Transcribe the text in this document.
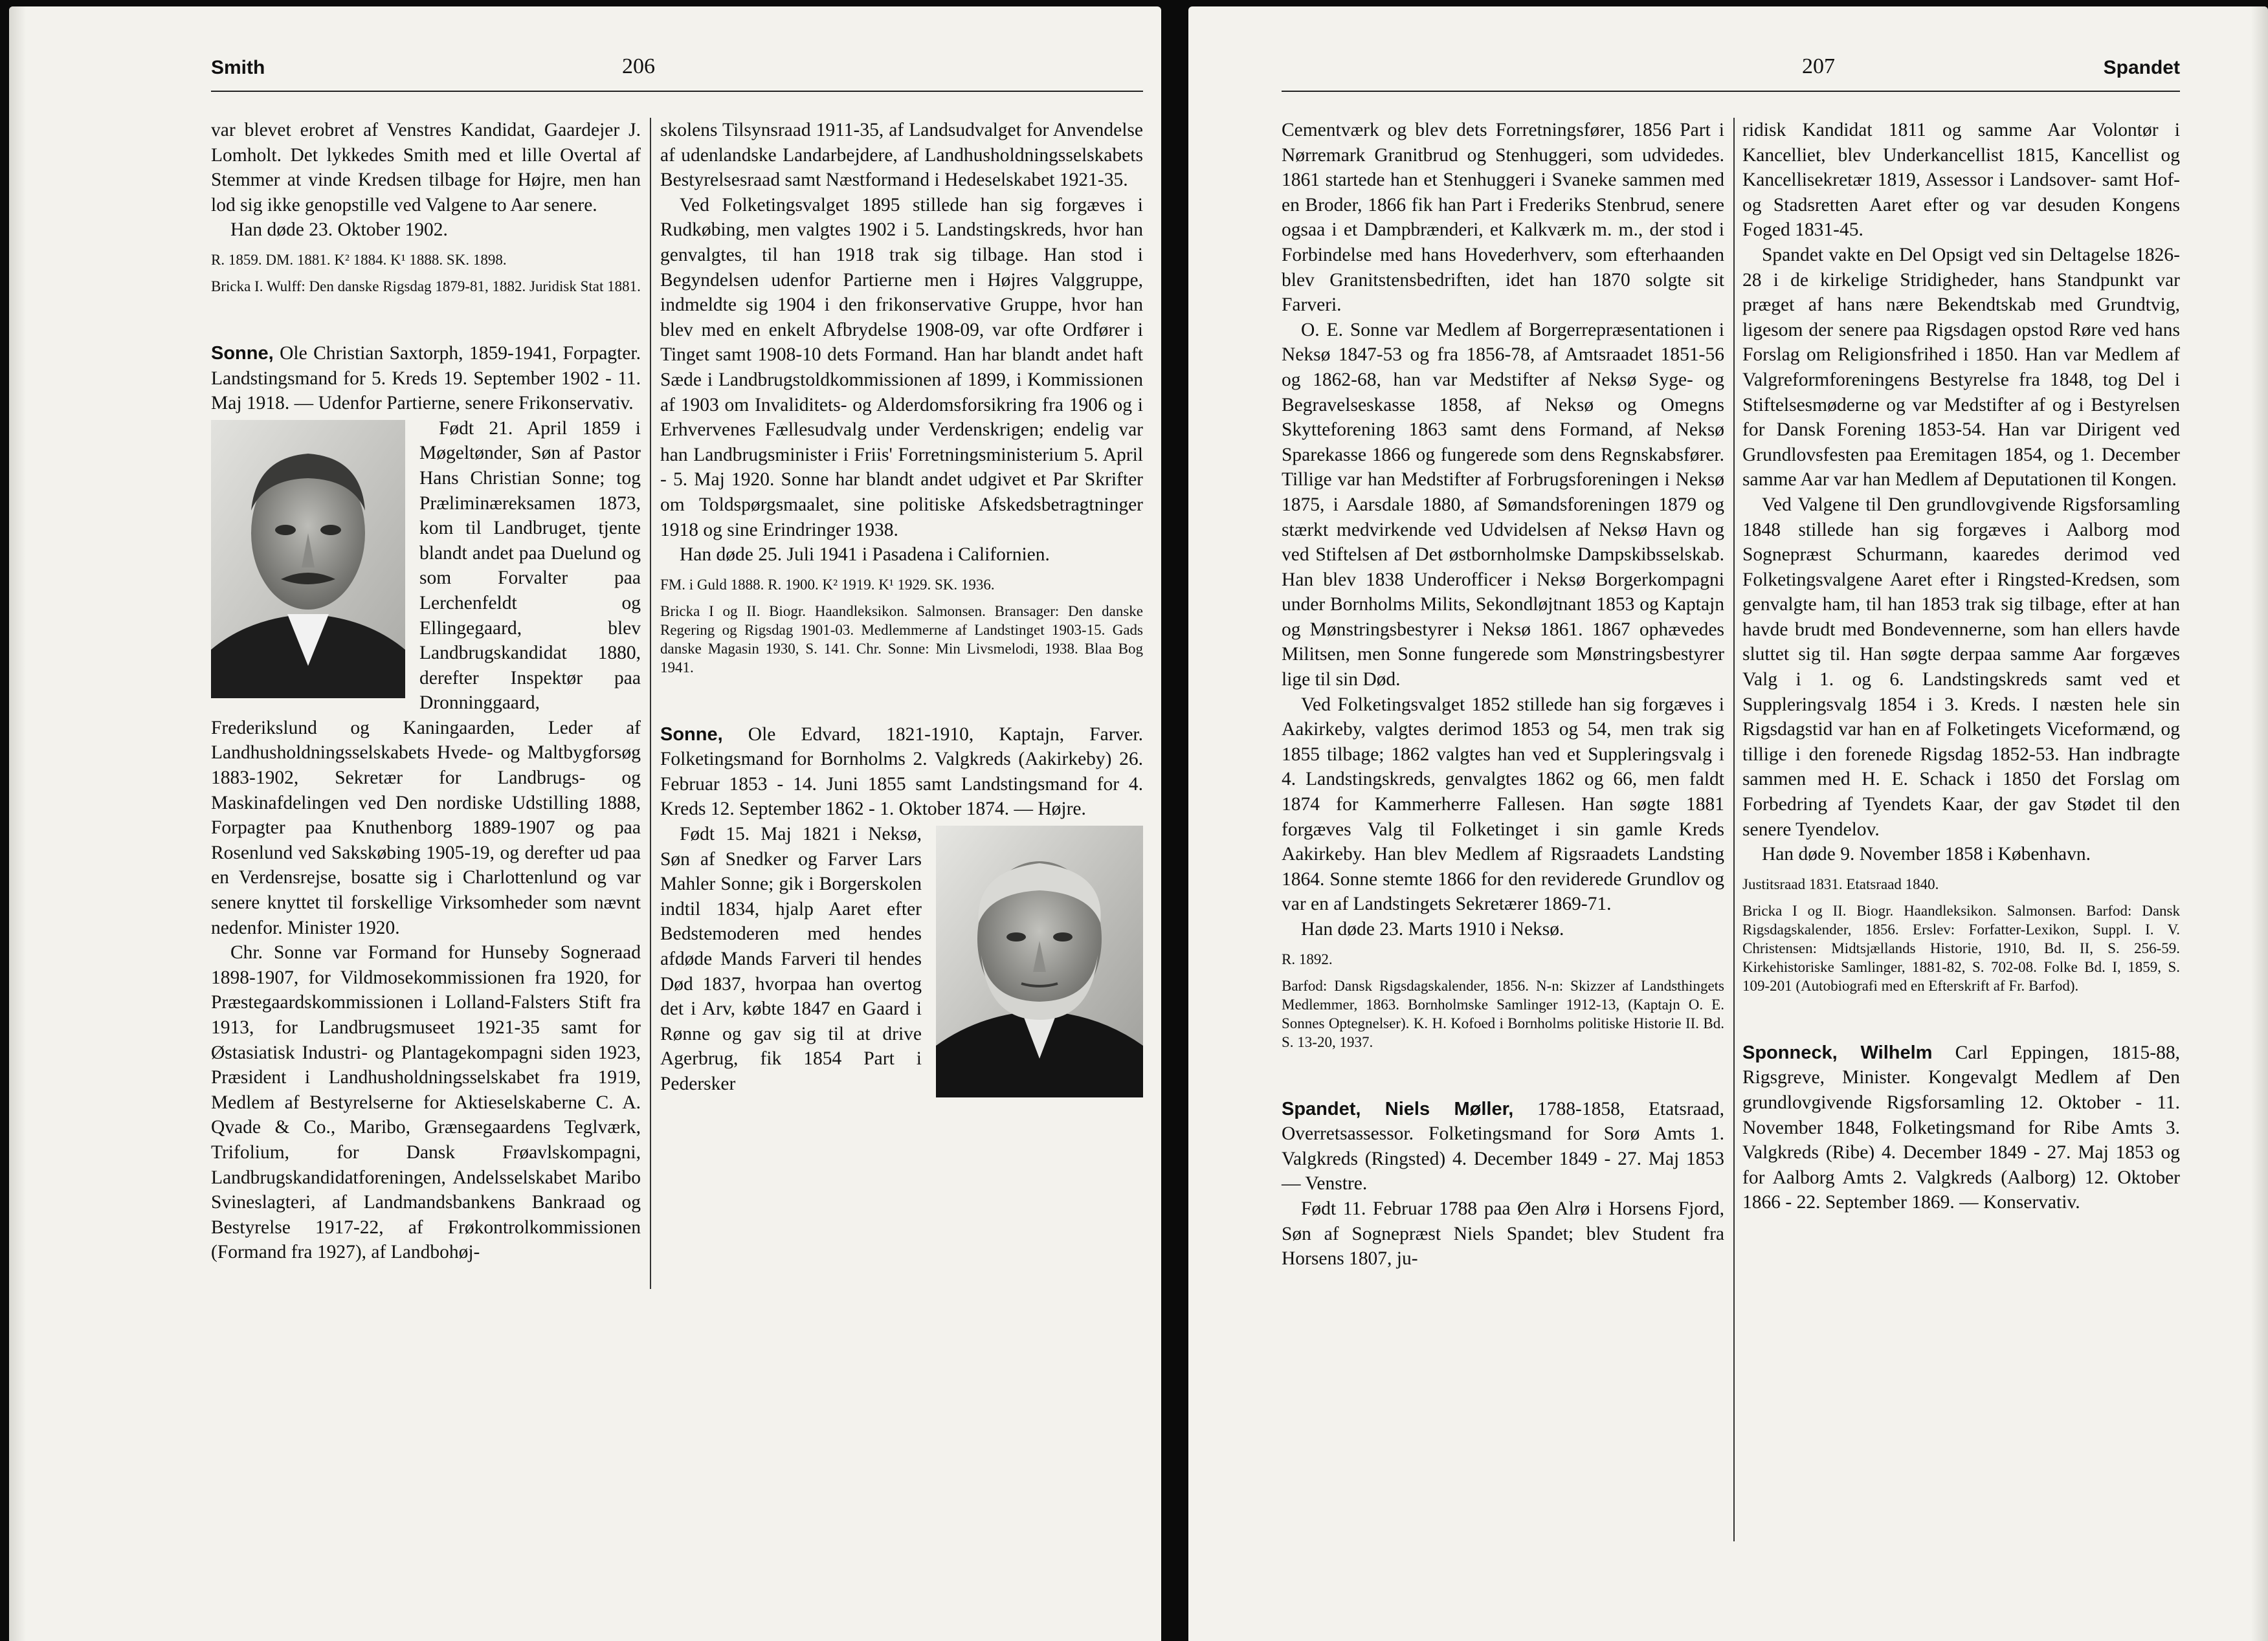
Smith	206

var blevet erobret af Venstres Kandidat, Gaardejer J. Lomholt. Det lykkedes Smith med et lille Overtal af Stemmer at vinde Kredsen tilbage for Højre, men han lod sig ikke genopstille ved Valgene to Aar senere.

Han døde 23. Oktober 1902.

R. 1859. DM. 1881. K² 1884. K¹ 1888. SK. 1898.

Bricka I. Wulff: Den danske Rigsdag 1879-81, 1882. Juridisk Stat 1881.

Sonne, Ole Christian Saxtorph, 1859-1941, Forpagter. Landstingsmand for 5. Kreds 19. September 1902 - 11. Maj 1918. — Udenfor Partierne, senere Frikonservativ.

Født 21. April 1859 i Møgeltønder, Søn af Pastor Hans Christian Sonne; tog Præliminæreksamen 1873, kom til Landbruget, tjente blandt andet paa Duelund og som Forvalter paa Lerchenfeldt og Ellingegaard, blev Landbrugskandidat 1880, derefter Inspektør paa Dronninggaard, Frederikslund og Kaningaarden, Leder af Landhusholdningsselskabets Hvede- og Maltbygforsøg 1883-1902, Sekretær for Landbrugs- og Maskinafdelingen ved Den nordiske Udstilling 1888, Forpagter paa Knuthenborg 1889-1907 og paa Rosenlund ved Sakskøbing 1905-19, og derefter ud paa en Verdensrejse, bosatte sig i Charlottenlund og var senere knyttet til forskellige Virksomheder som nævnt nedenfor. Minister 1920.

Chr. Sonne var Formand for Hunseby Sogneraad 1898-1907, for Vildmosekommissionen fra 1920, for Præstegaardskommissionen i Lolland-Falsters Stift fra 1913, for Landbrugsmuseet 1921-35 samt for Østasiatisk Industri- og Plantagekompagni siden 1923, Præsident i Landhusholdningsselskabet fra 1919, Medlem af Bestyrelserne for Aktieselskaberne C. A. Qvade & Co., Maribo, Grænsegaardens Teglværk, Trifolium, for Dansk Frøavlskompagni, Landbrugskandidatforeningen, Andelsselskabet Maribo Svineslagteri, af Landmandsbankens Bankraad og Bestyrelse 1917-22, af Frøkontrolkommissionen (Formand fra 1927), af Landbohøj-

skolens Tilsynsraad 1911-35, af Landsudvalget for Anvendelse af udenlandske Landarbejdere, af Landhusholdningsselskabets Bestyrelsesraad samt Næstformand i Hedeselskabet 1921-35.

Ved Folketingsvalget 1895 stillede han sig forgæves i Rudkøbing, men valgtes 1902 i 5. Landstingskreds, hvor han genvalgtes, til han 1918 trak sig tilbage. Han stod i Begyndelsen udenfor Partierne men i Højres Valggruppe, indmeldte sig 1904 i den frikonservative Gruppe, hvor han blev med en enkelt Afbrydelse 1908-09, var ofte Ordfører i Tinget samt 1908-10 dets Formand. Han har blandt andet haft Sæde i Landbrugstoldkommissionen af 1899, i Kommissionen af 1903 om Invaliditets- og Alderdomsforsikring fra 1906 og i Erhvervenes Fællesudvalg under Verdenskrigen; endelig var han Landbrugsminister i Friis' Forretningsministerium 5. April - 5. Maj 1920. Sonne har blandt andet udgivet et Par Skrifter om Toldspørgsmaalet, sine politiske Afskedsbetragtninger 1918 og sine Erindringer 1938.

Han døde 25. Juli 1941 i Pasadena i Californien.

FM. i Guld 1888. R. 1900. K² 1919. K¹ 1929. SK. 1936.

Bricka I og II. Biogr. Haandleksikon. Salmonsen. Bransager: Den danske Regering og Rigsdag 1901-03. Medlemmerne af Landstinget 1903-15. Gads danske Magasin 1930, S. 141. Chr. Sonne: Min Livsmelodi, 1938. Blaa Bog 1941.

Sonne, Ole Edvard, 1821-1910, Kaptajn, Farver. Folketingsmand for Bornholms 2. Valgkreds (Aakirkeby) 26. Februar 1853 - 14. Juni 1855 samt Landstingsmand for 4. Kreds 12. September 1862 - 1. Oktober 1874. — Højre.

Født 15. Maj 1821 i Neksø, Søn af Snedker og Farver Lars Mahler Sonne; gik i Borgerskolen indtil 1834, hjalp Aaret efter Bedstemoderen med hendes afdøde Mands Farveri til hendes Død 1837, hvorpaa han overtog det i Arv, købte 1847 en Gaard i Rønne og gav sig til at drive Agerbrug, fik 1854 Part i Pedersker

207	Spandet

Cementværk og blev dets Forretningsfører, 1856 Part i Nørremark Granitbrud og Stenhuggeri, som udvidedes. 1861 startede han et Stenhuggeri i Svaneke sammen med en Broder, 1866 fik han Part i Frederiks Stenbrud, senere ogsaa i et Dampbrænderi, et Kalkværk m. m., der stod i Forbindelse med hans Hovederhverv, som efterhaanden blev Granitstensbedriften, idet han 1870 solgte sit Farveri.

O. E. Sonne var Medlem af Borgerrepræsentationen i Neksø 1847-53 og fra 1856-78, af Amtsraadet 1851-56 og 1862-68, han var Medstifter af Neksø Syge- og Begravelseskasse 1858, af Neksø og Omegns Skytteforening 1863 samt dens Formand, af Neksø Sparekasse 1866 og fungerede som dens Regnskabsfører. Tillige var han Medstifter af Forbrugsforeningen i Neksø 1875, i Aarsdale 1880, af Sømandsforeningen 1879 og stærkt medvirkende ved Udvidelsen af Neksø Havn og ved Stiftelsen af Det østbornholmske Dampskibsselskab. Han blev 1838 Underofficer i Neksø Borgerkompagni under Bornholms Milits, Sekondløjtnant 1853 og Kaptajn og Mønstringsbestyrer i Neksø 1861. 1867 ophævedes Militsen, men Sonne fungerede som Mønstringsbestyrer lige til sin Død.

Ved Folketingsvalget 1852 stillede han sig forgæves i Aakirkeby, valgtes derimod 1853 og 54, men trak sig 1855 tilbage; 1862 valgtes han ved et Suppleringsvalg i 4. Landstingskreds, genvalgtes 1862 og 66, men faldt 1874 for Kammerherre Fallesen. Han søgte 1881 forgæves Valg til Folketinget i sin gamle Kreds Aakirkeby. Han blev Medlem af Rigsraadets Landsting 1864. Sonne stemte 1866 for den reviderede Grundlov og var en af Landstingets Sekretærer 1869-71.

Han døde 23. Marts 1910 i Neksø.

R. 1892.

Barfod: Dansk Rigsdagskalender, 1856. N-n: Skizzer af Landsthingets Medlemmer, 1863. Bornholmske Samlinger 1912-13, (Kaptajn O. E. Sonnes Optegnelser). K. H. Kofoed i Bornholms politiske Historie II. Bd. S. 13-20, 1937.

Spandet, Niels Møller, 1788-1858, Etatsraad, Overretsassessor. Folketingsmand for Sorø Amts 1. Valgkreds (Ringsted) 4. December 1849 - 27. Maj 1853 — Venstre.

Født 11. Februar 1788 paa Øen Alrø i Horsens Fjord, Søn af Sognepræst Niels Spandet; blev Student fra Horsens 1807, ju-

ridisk Kandidat 1811 og samme Aar Volontør i Kancelliet, blev Underkancellist 1815, Kancellist og Kancellisekretær 1819, Assessor i Landsover- samt Hof- og Stadsretten Aaret efter og var desuden Kongens Foged 1831-45.

Spandet vakte en Del Opsigt ved sin Deltagelse 1826-28 i de kirkelige Stridigheder, hans Standpunkt var præget af hans nære Bekendtskab med Grundtvig, ligesom der senere paa Rigsdagen opstod Røre ved hans Forslag om Religionsfrihed i 1850. Han var Medlem af Valgreformforeningens Bestyrelse fra 1848, tog Del i Stiftelsesmøderne og var Medstifter af og i Bestyrelsen for Dansk Forening 1853-54. Han var Dirigent ved Grundlovsfesten paa Eremitagen 1854, og 1. December samme Aar var han Medlem af Deputationen til Kongen.

Ved Valgene til Den grundlovgivende Rigsforsamling 1848 stillede han sig forgæves i Aalborg mod Sognepræst Schurmann, kaaredes derimod ved Folketingsvalgene Aaret efter i Ringsted-Kredsen, som genvalgte ham, til han 1853 trak sig tilbage, efter at han havde brudt med Bondevennerne, som han ellers havde sluttet sig til. Han søgte derpaa samme Aar forgæves Valg i 1. og 6. Landstingskreds samt ved et Suppleringsvalg 1854 i 3. Kreds. I næsten hele sin Rigsdagstid var han en af Folketingets Viceformænd, og tillige i den forenede Rigsdag 1852-53. Han indbragte sammen med H. E. Schack i 1850 det Forslag om Forbedring af Tyendets Kaar, der gav Stødet til den senere Tyendelov.

Han døde 9. November 1858 i København.

Justitsraad 1831. Etatsraad 1840.

Bricka I og II. Biogr. Haandleksikon. Salmonsen. Barfod: Dansk Rigsdagskalender, 1856. Erslev: Forfatter-Lexikon, Suppl. I. V. Christensen: Midtsjællands Historie, 1910, Bd. II, S. 256-59. Kirkehistoriske Samlinger, 1881-82, S. 702-08. Folke Bd. I, 1859, S. 109-201 (Autobiografi med en Efterskrift af Fr. Barfod).

Sponneck, Wilhelm Carl Eppingen, 1815-88, Rigsgreve, Minister. Kongevalgt Medlem af Den grundlovgivende Rigsforsamling 12. Oktober - 11. November 1848, Folketingsmand for Ribe Amts 3. Valgkreds (Ribe) 4. December 1849 - 27. Maj 1853 og for Aalborg Amts 2. Valgkreds (Aalborg) 12. Oktober 1866 - 22. September 1869. — Konservativ.
